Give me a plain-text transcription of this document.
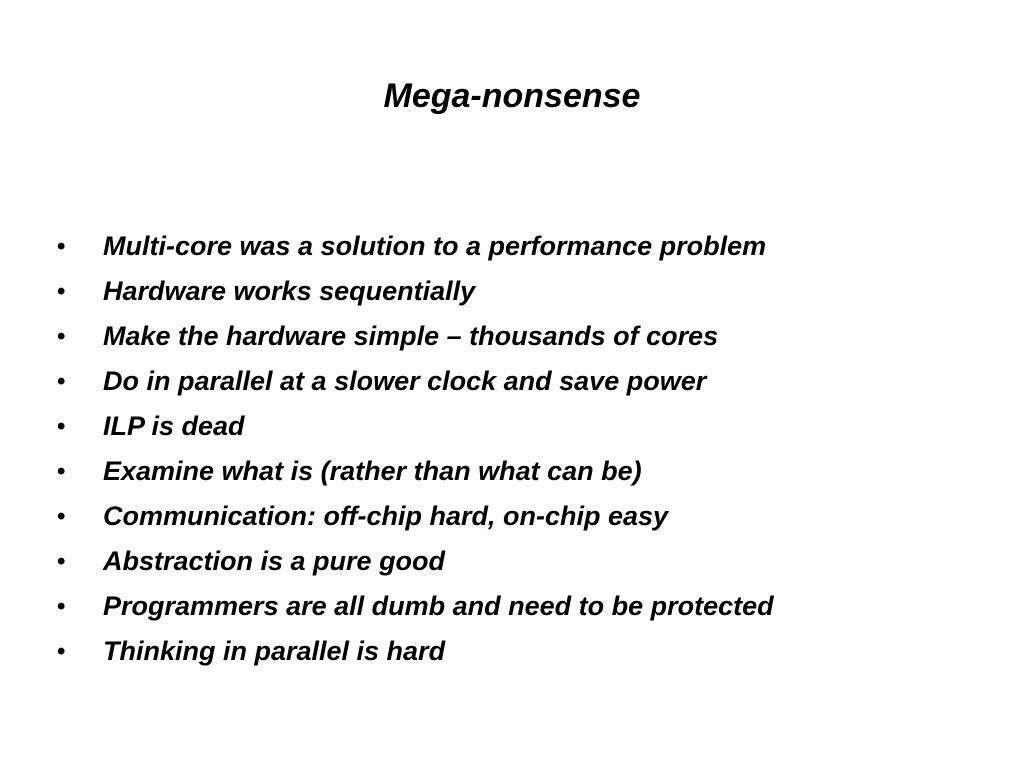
Mega-nonsense
• Multi-core was a solution to a performance problem
• Hardware works sequentially
• Make the hardware simple – thousands of cores
• Do in parallel at a slower clock and save power
• ILP is dead
• Examine what is (rather than what can be)
• Communication: off-chip hard, on-chip easy
• Abstraction is a pure good
• Programmers are all dumb and need to be protected
• Thinking in parallel is hard
